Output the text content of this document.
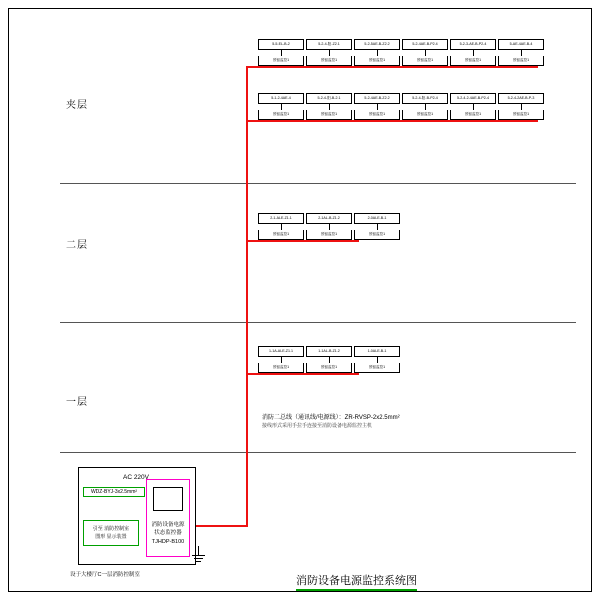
夹层
二层
一层
5-5-EL-B-2
预留监控1
5-2-4-阳-Z2.1
预留监控1
5-2-5AE-B-Z2.2
预留监控1
5-2-4AE-B-P2.4
预留监控1
5-2-3-AE-B-P2-4
预留监控1
5-AE-4AE-B-4
预留监控1
5-1-2-4AE-4
预留监控1
5-2-4-阳-B-2.1
预留监控1
5-2-4AE-B-Z2.2
预留监控1
5-2-4-阳-B-P2-4
预留监控1
5-2-4-2-4AE-B-P2-4
预留监控1
5-2-4-2AE-B-P-3
预留监控1
2-1-ALE-Z1.1
预留监控1
2-1AL-B-Z1.2
预留监控1
2-0ALE-B-1
预留监控1
1-1A-ALE-Z1.1
预留监控1
1-1AL-B-Z1.2
预留监控1
1-0ALE-B-1
预留监控1
消防二总线（通讯线/电源线）：ZR-RVSP-2x2.5mm²
接线形式采用手拉手连接至消防设备电源监控主机
AC 220V
WDZ-BYJ-3x2.5mm²
引至 消防控制室
图形 显示装置
消防设备电源
状态监控器
TJHDP-B100
设于大楼厅C一层消防控制室	消防设备电源监控系统图
